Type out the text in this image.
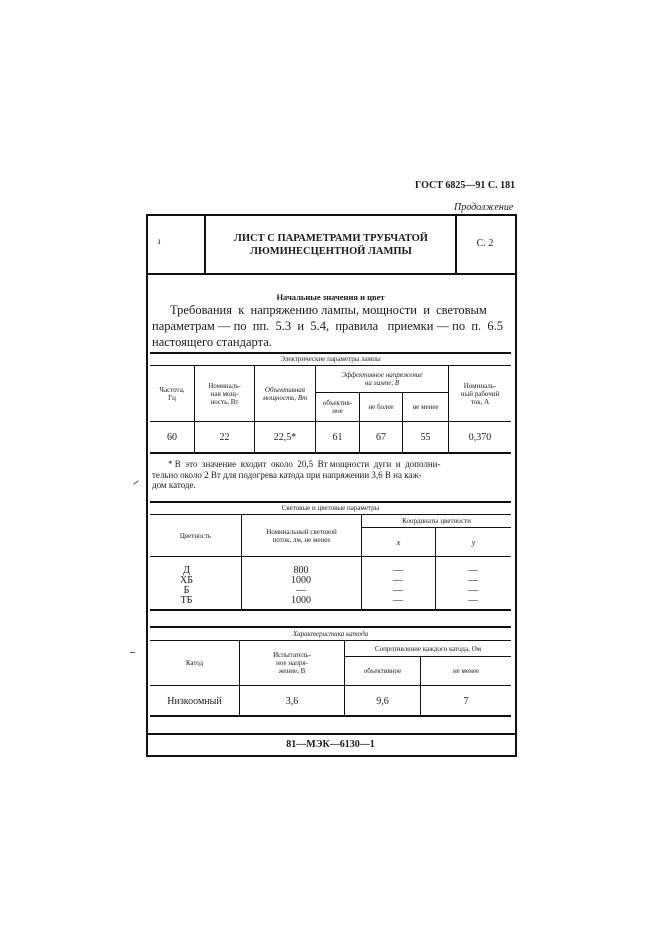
ГОСТ 6825—91 С. 181
Продолжение
ı	ЛИСТ С ПАРАМЕТРАМИ ТРУБЧАТОЙ
ЛЮМИНЕСЦЕНТНОЙ ЛАМПЫ
С. 2
Начальные значения и цвет
Требования  к  напряжению лампы, мощности  и  световым
параметрам — по  пп.  5.3  и  5.4,  правила   приемки — по  п.  6.5
настоящего стандарта.
Электрические параметры лампы
Частота,
Гц
Номиналь-
ная мощ-
ность, Вт
Объективная
мощность, Вт
Эффективное напряжение
на лампе, В
объектив-
ное	не более	не менее
Номиналь-
ный рабочий
ток, А
60	22	22,5*	61	67	55	0,370
* В  это  значение  входит  около  20,5  Вт мощности  дуги  и  дополни-
тельно около 2 Вт для подогрева катода при напряжении 3,6 В на каж-
дом катоде.
Световые и цветовые параметры
Цветность	Номинальный световой
поток, лм, не менее
Координаты цветности
x	y
Д	800	—	—
ХБ	1000	—	—
Б	—	—	—
ТБ	1000	—	—
Характеристика катода
Катод
Испытатель-
ное напря-
жение, В
Сопротивление каждого катода, Ом
объективное	не менее
Низкоомный	3,6	9,6	7
81—МЭК—6130—1
